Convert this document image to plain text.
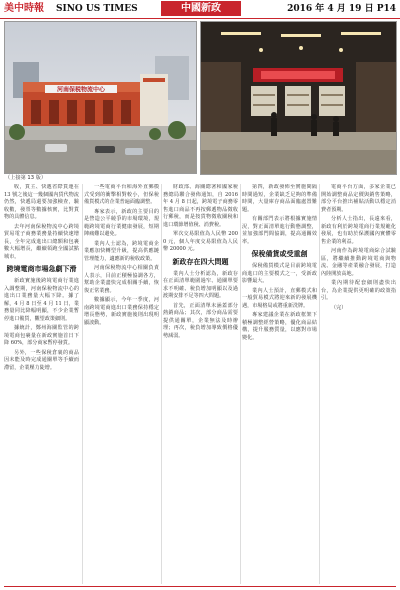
美中時報 SINO US TIMES	中國新政	2016 年 4 月 19 日 P14
河南保税物流中心
（上接第 13 版）

收，貨主、快遞省際貨運在 13 號之後這一幾個國內貨代物流仍然，快遞局還要加強檢查，驗收數，發票等數據核實，比對貨物的具體信息。

去年河南保稅物流中心跨境貿易電子商務業務量持續快速增長，全年完成進出口總額和包裹數大幅增長，繼續領跑全國試點城市。

跨境電商市場急劇下滑

新政實施後跨境電商行業進入調整期，河南保稅物流中心的進出口業務量大幅下降。據了解，4 月 8 日至 4 月 11 日，業務量同比降幅明顯，不少企業暫停進口備貨，觀望政策細則。

據統計，鄭州海關監管的跨境電商包裹量在新政實施首日下降 60%，部分商家暫停發貨。

另外，一些保稅倉裏的商品因未能及時完成通關單等手續而滯留，企業壓力陡增。

一些電商平台和海外直郵模式受到的衝擊相對較小，但保稅備貨模式的企業普遍面臨調整。

專家表示，新政的主要目的是營造公平競爭的市場環境，規範跨境電商行業健康發展，短期陣痛難以避免。

業內人士認為，跨境電商企業應加快轉型升級，提高供應鏈管理能力，適應新的稅收政策。

河南保稅物流中心相關負責人表示，目前正積極協調各方，幫助企業盡快完成相關手續，恢復正常業務。

數據顯示，今年一季度，河南跨境電商進出口業務保持穩定增長態勢，新政實施後則出現明顯波動。

財政部、海關總署和國家稅務總局聯合發佈通知，自 2016 年 4 月 8 日起，跨境電子商務零售進口商品不再按郵遞物品徵收行郵稅，而是按貨物徵收關稅和進口環節增值稅、消費稅。

單次交易限值為人民幣 2000 元，個人年度交易限值為人民幣 20000 元。

新政存在四大問題

業內人士分析認為，新政存在正面清單範圍過窄、通關單要求不明確、稅負增加明顯以及過渡期安排不足等四大問題。

首先，正面清單未涵蓋部分熱銷商品；其次，部分商品需要提供通關單，企業無法及時辦理；再次，稅負增加導致價格優勢減弱。

第四，新政發佈至實施間隔時間過短，企業缺乏足夠的準備時間，大量庫存商品面臨處置難題。

有關部門表示將根據實施情況，對正面清單進行動態調整，並加強部門間協調，提高通關效率。

保稅備貨或受重創

保稅備貨模式是目前跨境電商進口的主要模式之一，受新政影響最大。

業內人士預計，直郵模式和一般貿易模式將迎來新的發展機遇，市場格局或將重新洗牌。

專家建議企業在新政框架下積極調整經營策略，優化商品結構，提升服務質量，以應對市場變化。

電商平台方面，多家企業已開始調整商品定價與銷售策略，部分平台推出補貼活動以穩定消費者預期。

分析人士指出，長遠來看，新政有利於跨境電商行業規範化發展，也有助於保護國內實體零售企業的利益。

河南作為跨境電商綜合試驗區，將繼續推動跨境電商與物流、金融等產業融合發展，打造內陸開放高地。

業內期待配套細則盡快出台，為企業提供更明確的政策指引。

（完）
